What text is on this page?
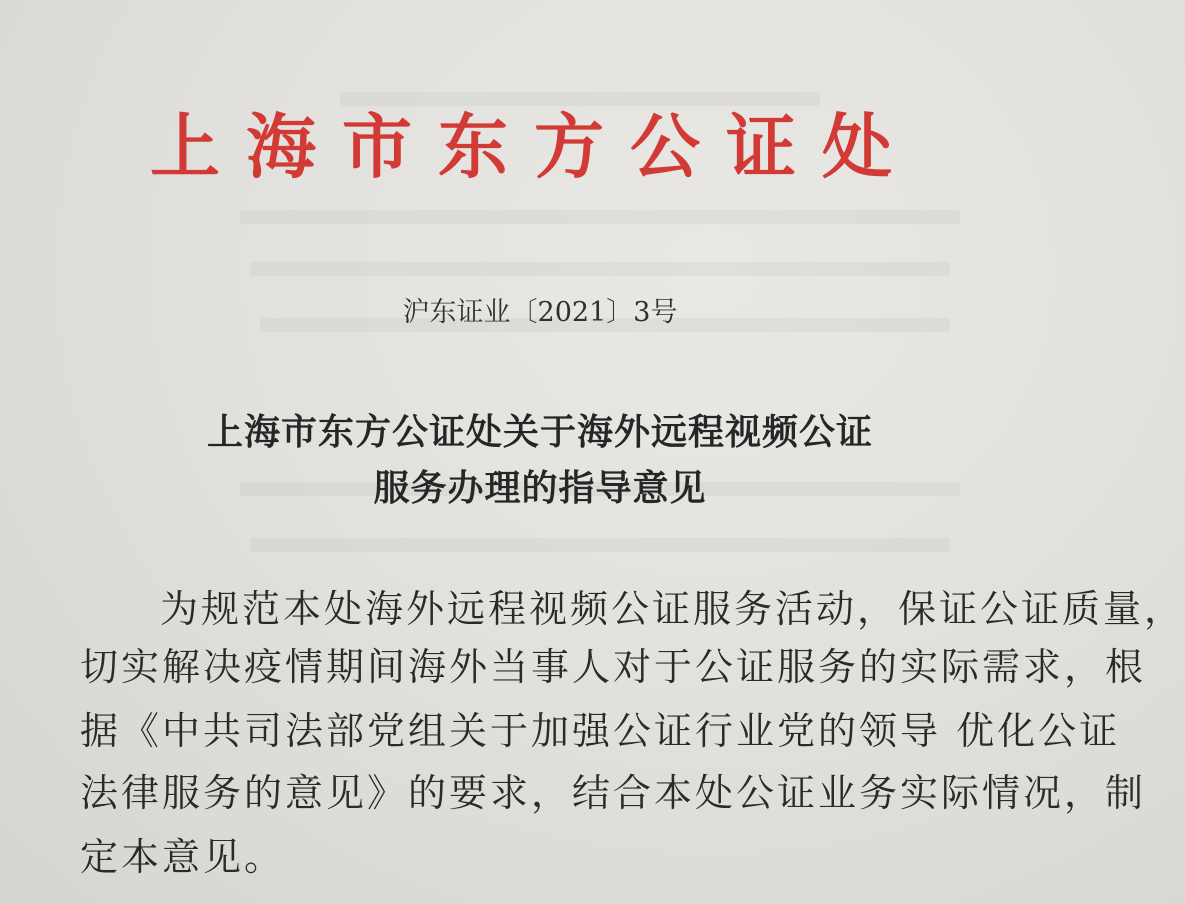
上海市东方公证处
沪东证业〔2021〕3号
上海市东方公证处关于海外远程视频公证
服务办理的指导意见
为规范本处海外远程视频公证服务活动，保证公证质量，
切实解决疫情期间海外当事人对于公证服务的实际需求，根
据《中共司法部党组关于加强公证行业党的领导 优化公证
法律服务的意见》的要求，结合本处公证业务实际情况，制
定本意见。
